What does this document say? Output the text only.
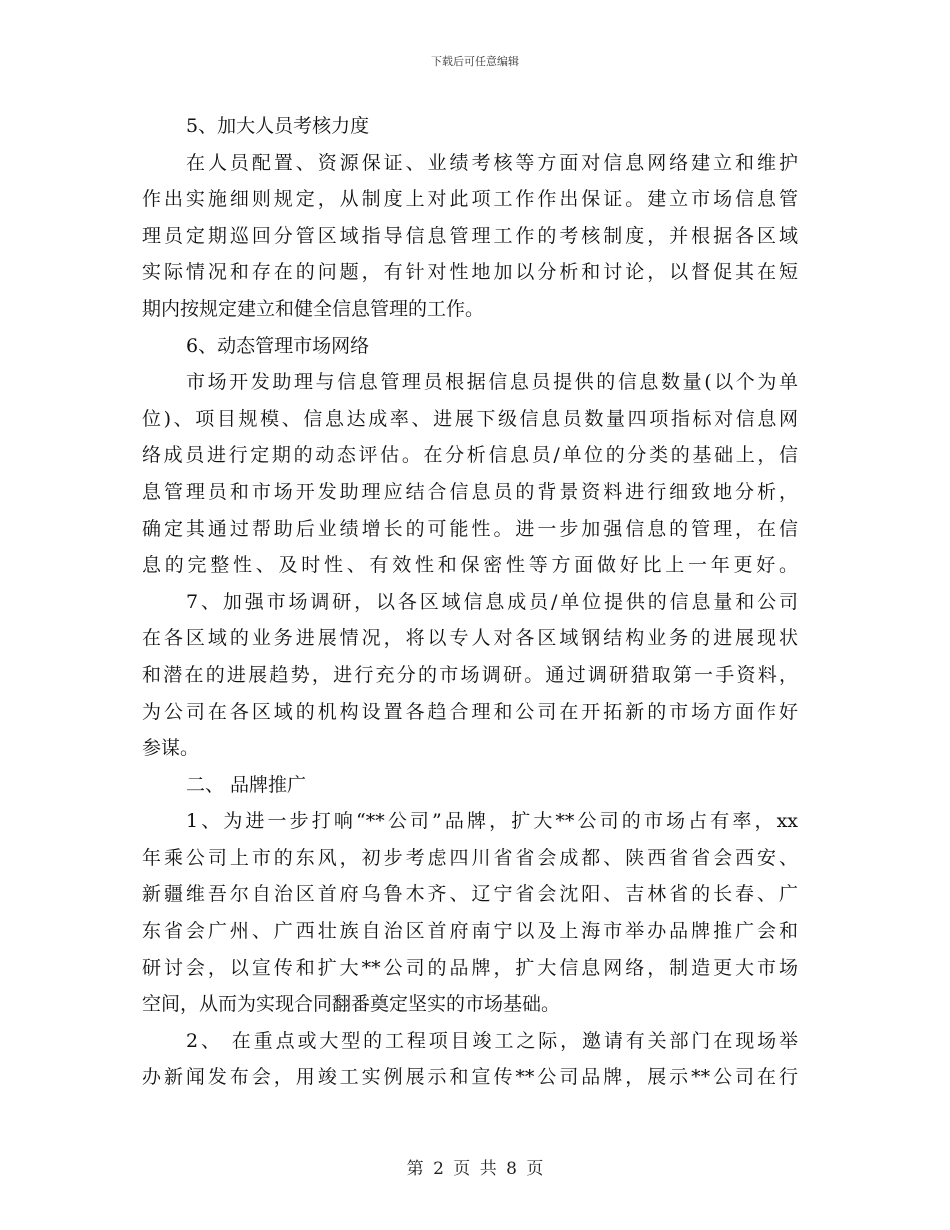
下载后可任意编辑
5、加大人员考核力度
在人员配置、资源保证、业绩考核等方面对信息网络建立和维护
作出实施细则规定，从制度上对此项工作作出保证。建立市场信息管
理员定期巡回分管区域指导信息管理工作的考核制度，并根据各区域
实际情况和存在的问题，有针对性地加以分析和讨论，以督促其在短
期内按规定建立和健全信息管理的工作。
6、动态管理市场网络
市场开发助理与信息管理员根据信息员提供的信息数量(以个为单
位)、项目规模、信息达成率、进展下级信息员数量四项指标对信息网
络成员进行定期的动态评估。在分析信息员/单位的分类的基础上，信
息管理员和市场开发助理应结合信息员的背景资料进行细致地分析，
确定其通过帮助后业绩增长的可能性。进一步加强信息的管理，在信
息的完整性、及时性、有效性和保密性等方面做好比上一年更好。
7、加强市场调研，以各区域信息成员/单位提供的信息量和公司
在各区域的业务进展情况，将以专人对各区域钢结构业务的进展现状
和潜在的进展趋势，进行充分的市场调研。通过调研猎取第一手资料，
为公司在各区域的机构设置各趋合理和公司在开拓新的市场方面作好
参谋。
二、 品牌推广
1、为进一步打响“**公司”品牌，扩大**公司的市场占有率，xx
年乘公司上市的东风，初步考虑四川省省会成都、陕西省省会西安、
新疆维吾尔自治区首府乌鲁木齐、辽宁省会沈阳、吉林省的长春、广
东省会广州、广西壮族自治区首府南宁以及上海市举办品牌推广会和
研讨会，以宣传和扩大**公司的品牌，扩大信息网络，制造更大市场
空间，从而为实现合同翻番奠定坚实的市场基础。
2、 在重点或大型的工程项目竣工之际，邀请有关部门在现场举
办新闻发布会，用竣工实例展示和宣传**公司品牌，展示**公司在行
第 2 页 共 8 页
